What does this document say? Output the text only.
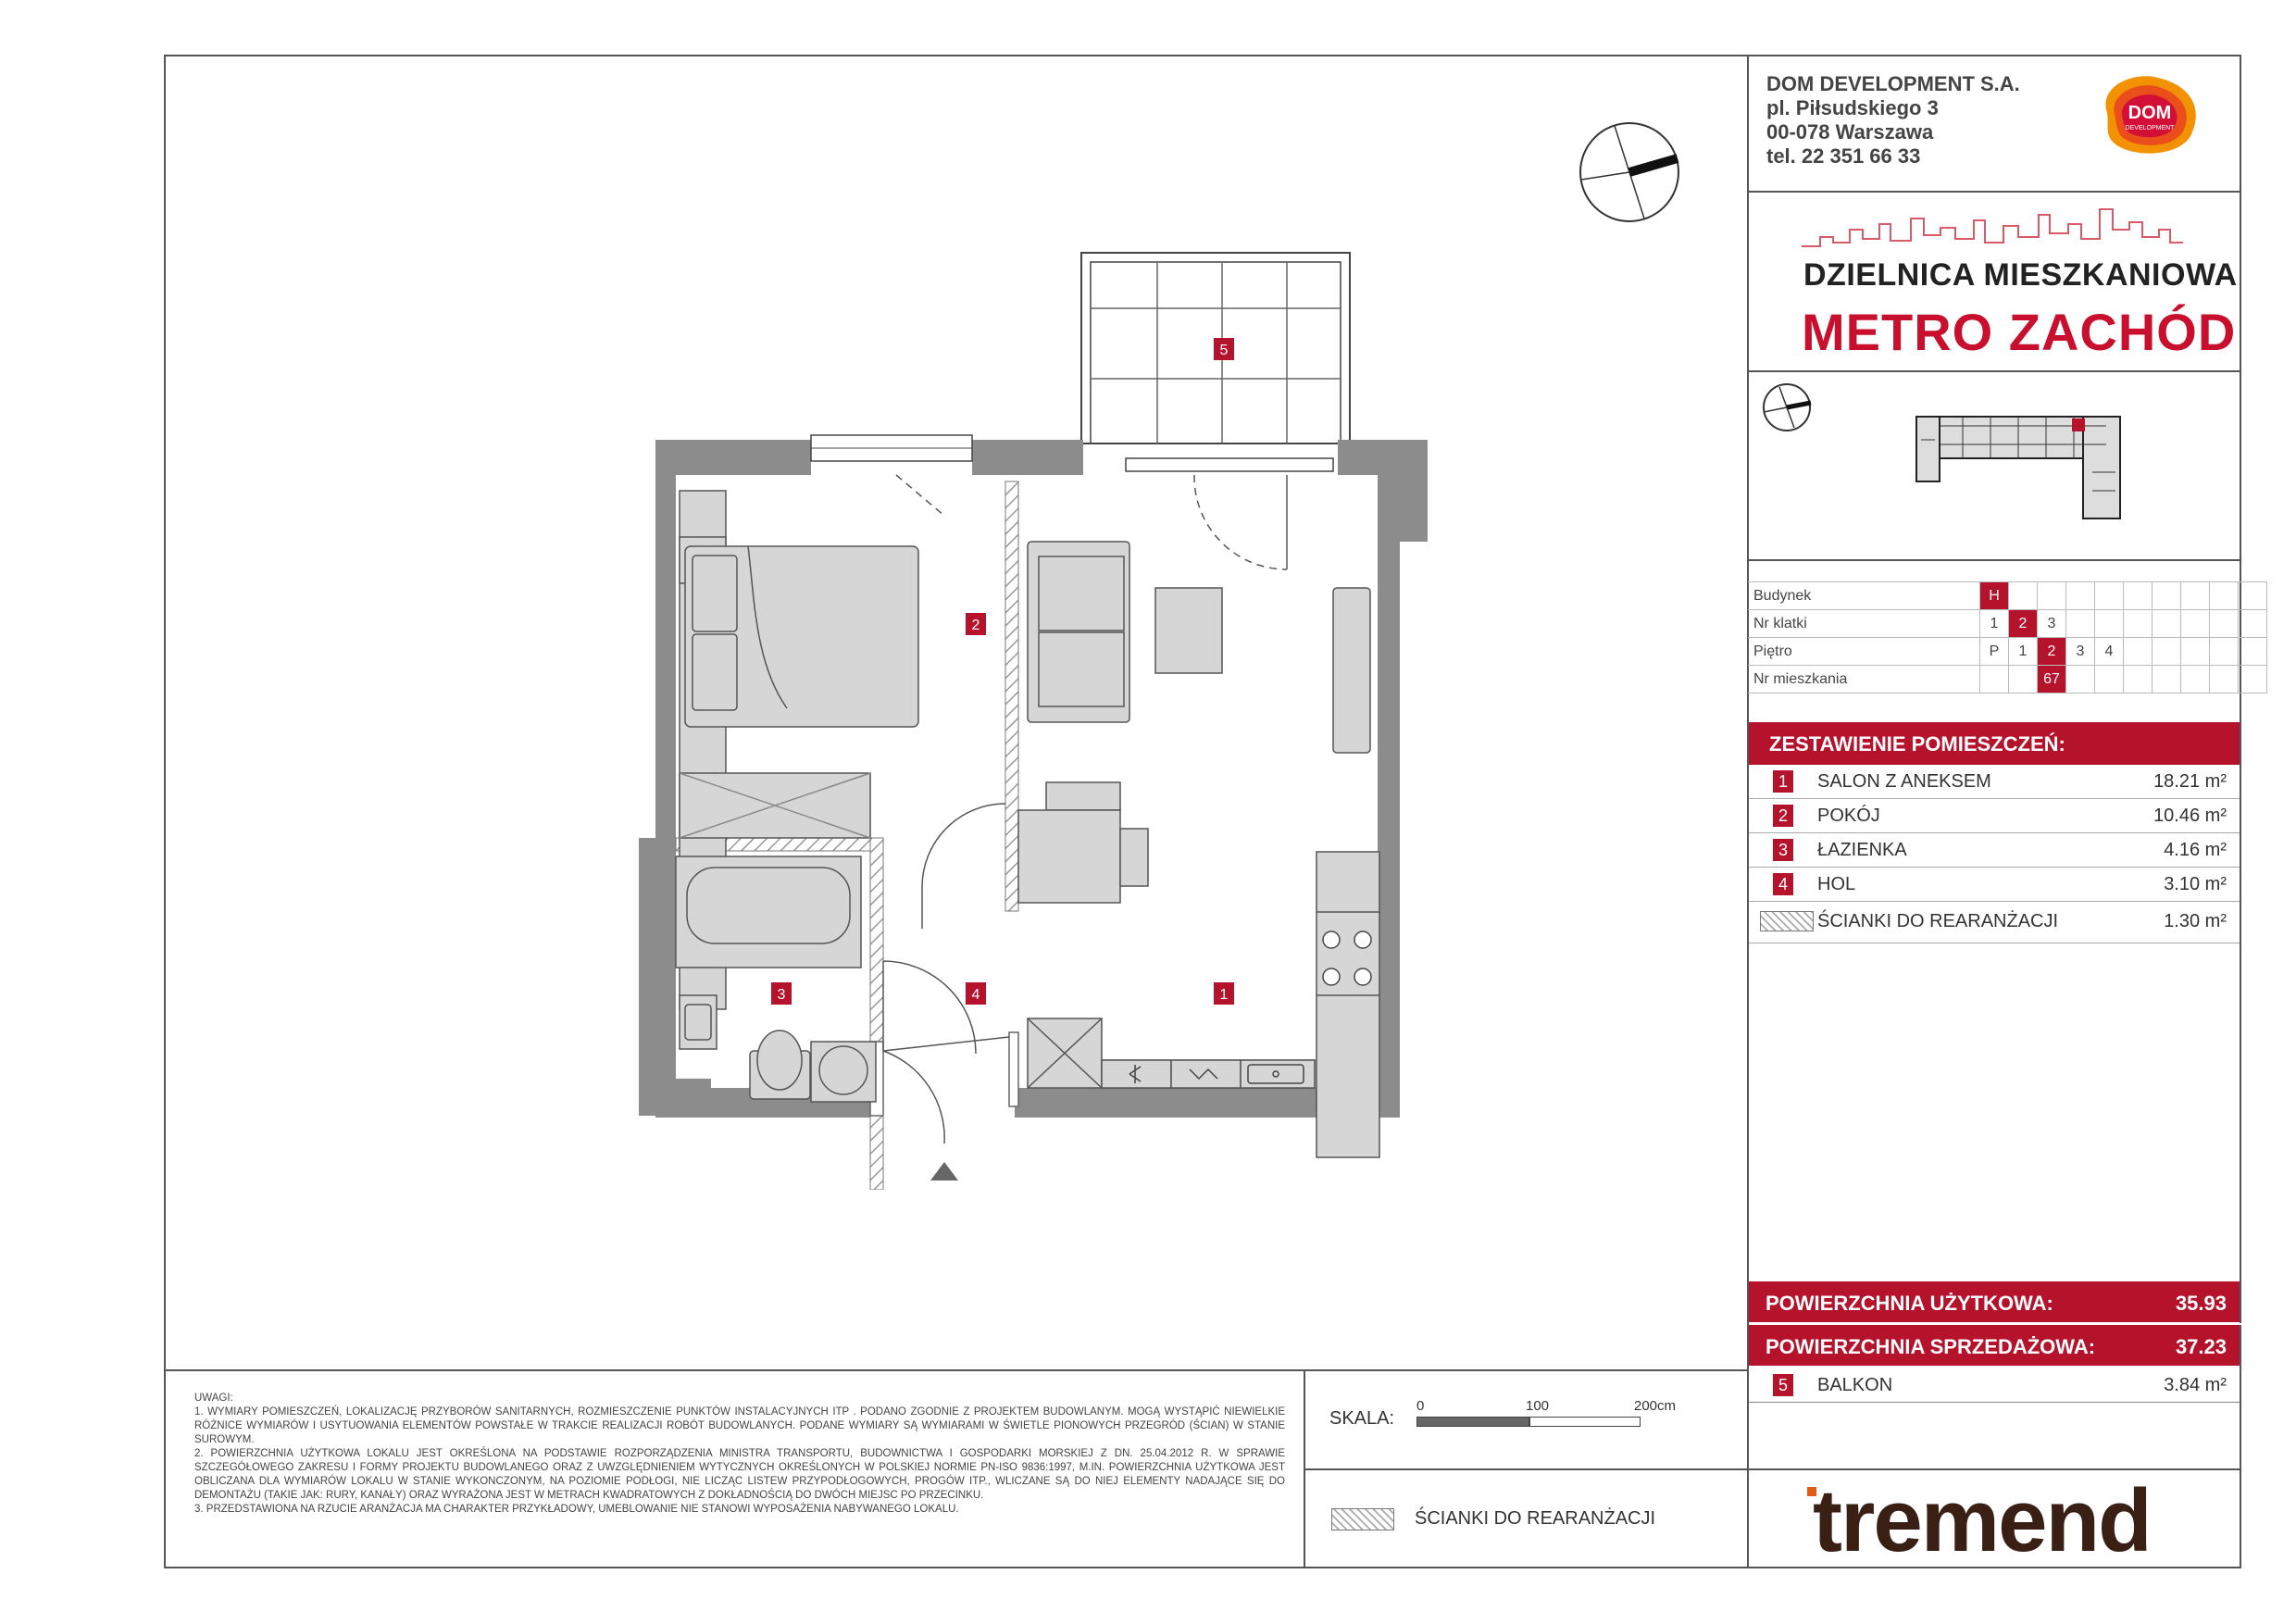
DOM DEVELOPMENT S.A.
pl. Piłsudskiego 3
00-078 Warszawa
tel. 22 351 66 33
DOM
DEVELOPMENT
DZIELNICA MIESZKANIOWA
METRO ZACHÓD
Budynek	H									
Nr klatki	1	2	3							
Piętro	P	1	2	3	4					
Nr mieszkania			67							
ZESTAWIENIE POMIESZCZEŃ:
1	SALON Z ANEKSEM	18.21 m²
2	POKÓJ	10.46 m²
3	ŁAZIENKA	4.16 m²
4	HOL	3.10 m²
ŚCIANKI DO REARANŻACJI	1.30 m²
POWIERZCHNIA UŻYTKOWA:	35.93
POWIERZCHNIA SPRZEDAŻOWA:	37.23
5	BALKON	3.84 m²
2
5
3	4	1
UWAGI:
1. WYMIARY POMIESZCZEŃ, LOKALIZACJĘ PRZYBORÓW SANITARNYCH, ROZMIESZCZENIE PUNKTÓW INSTALACYJNYCH ITP . PODANO ZGODNIE Z PROJEKTEM BUDOWLANYM. MOGĄ WYSTĄPIĆ NIEWIELKIE RÓŻNICE WYMIARÓW I USYTUOWANIA ELEMENTÓW POWSTAŁE W TRAKCIE REALIZACJI ROBÓT BUDOWLANYCH. PODANE WYMIARY SĄ WYMIARAMI W ŚWIETLE PIONOWYCH PRZEGRÓD (ŚCIAN) W STANIE SUROWYM.
2. POWIERZCHNIA UŻYTKOWA LOKALU JEST OKREŚLONA NA PODSTAWIE ROZPORZĄDZENIA MINISTRA TRANSPORTU, BUDOWNICTWA I GOSPODARKI MORSKIEJ Z DN. 25.04.2012 R. W SPRAWIE SZCZEGÓŁOWEGO ZAKRESU I FORMY PROJEKTU BUDOWLANEGO ORAZ Z UWZGLĘDNIENIEM WYTYCZNYCH OKREŚLONYCH W POLSKIEJ NORMIE PN-ISO 9836:1997, M.IN. POWIERZCHNIA UŻYTKOWA JEST OBLICZANA DLA WYMIARÓW LOKALU W STANIE WYKONCZONYM, NA POZIOMIE PODŁOGI, NIE LICZĄC LISTEW PRZYPODŁOGOWYCH, PROGÓW ITP., WLICZANE SĄ DO NIEJ ELEMENTY NADAJĄCE SIĘ DO DEMONTAŻU (TAKIE JAK: RURY, KANAŁY) ORAZ WYRAŻONA JEST W METRACH KWADRATOWYCH Z DOKŁADNOŚCIĄ DO DWÓCH MIEJSC PO PRZECINKU.
3. PRZEDSTAWIONA NA RZUCIE ARANŻACJA MA CHARAKTER PRZYKŁADOWY, UMEBLOWANIE NIE STANOWI WYPOSAŻENIA NABYWANEGO LOKALU.
SKALA:
0	100	200cm
ŚCIANKI DO REARANŻACJI tremend
